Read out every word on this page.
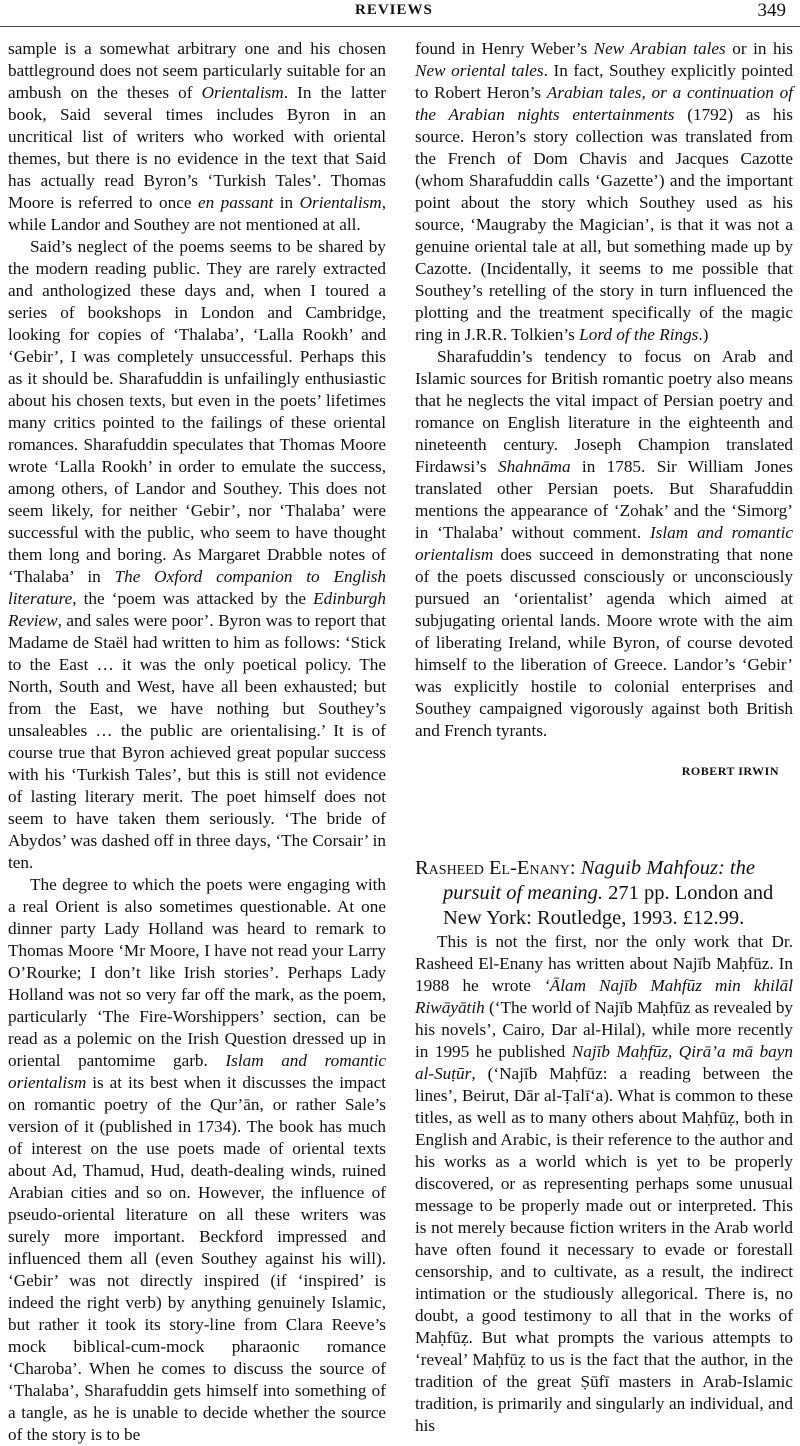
REVIEWS	349

sample is a somewhat arbitrary one and his chosen battleground does not seem particularly suitable for an ambush on the theses of Orientalism. In the latter book, Said several times includes Byron in an uncritical list of writers who worked with oriental themes, but there is no evidence in the text that Said has actually read Byron’s ‘Turkish Tales’. Thomas Moore is referred to once en passant in Orientalism, while Landor and Southey are not mentioned at all.

Said’s neglect of the poems seems to be shared by the modern reading public. They are rarely extracted and anthologized these days and, when I toured a series of bookshops in London and Cambridge, looking for copies of ‘Thalaba’, ‘Lalla Rookh’ and ‘Gebir’, I was completely unsuccessful. Perhaps this as it should be. Sharafuddin is unfailingly enthusiastic about his chosen texts, but even in the poets’ lifetimes many critics pointed to the failings of these oriental romances. Sharafuddin speculates that Thomas Moore wrote ‘Lalla Rookh’ in order to emulate the success, among others, of Landor and Southey. This does not seem likely, for neither ‘Gebir’, nor ‘Thalaba’ were successful with the public, who seem to have thought them long and boring. As Margaret Drabble notes of ‘Thalaba’ in The Oxford companion to English literature, the ‘poem was attacked by the Edinburgh Review, and sales were poor’. Byron was to report that Madame de Staël had written to him as follows: ‘Stick to the East … it was the only poetical policy. The North, South and West, have all been exhausted; but from the East, we have nothing but Southey’s unsaleables … the public are orientalising.’ It is of course true that Byron achieved great popular success with his ‘Turkish Tales’, but this is still not evidence of lasting literary merit. The poet himself does not seem to have taken them seriously. ‘The bride of Abydos’ was dashed off in three days, ‘The Corsair’ in ten.

The degree to which the poets were engaging with a real Orient is also sometimes questionable. At one dinner party Lady Holland was heard to remark to Thomas Moore ‘Mr Moore, I have not read your Larry O’Rourke; I don’t like Irish stories’. Perhaps Lady Holland was not so very far off the mark, as the poem, particularly ‘The Fire-Worshippers’ section, can be read as a polemic on the Irish Question dressed up in oriental pantomime garb. Islam and romantic orientalism is at its best when it discusses the impact on romantic poetry of the Qur’ān, or rather Sale’s version of it (published in 1734). The book has much of interest on the use poets made of oriental texts about Ad, Thamud, Hud, death-dealing winds, ruined Arabian cities and so on. However, the influence of pseudo-oriental literature on all these writers was surely more important. Beckford impressed and influenced them all (even Southey against his will). ‘Gebir’ was not directly inspired (if ‘inspired’ is indeed the right verb) by anything genuinely Islamic, but rather it took its story-line from Clara Reeve’s mock biblical-cum-mock pharaonic romance ‘Charoba’. When he comes to discuss the source of ‘Thalaba’, Sharafuddin gets himself into something of a tangle, as he is unable to decide whether the source of the story is to be

found in Henry Weber’s New Arabian tales or in his New oriental tales. In fact, Southey explicitly pointed to Robert Heron’s Arabian tales, or a continuation of the Arabian nights entertainments (1792) as his source. Heron’s story collection was translated from the French of Dom Chavis and Jacques Cazotte (whom Sharafuddin calls ‘Gazette’) and the important point about the story which Southey used as his source, ‘Maugraby the Magician’, is that it was not a genuine oriental tale at all, but something made up by Cazotte. (Incidentally, it seems to me possible that Southey’s retelling of the story in turn influenced the plotting and the treatment specifically of the magic ring in J.R.R. Tolkien’s Lord of the Rings.)

Sharafuddin’s tendency to focus on Arab and Islamic sources for British romantic poetry also means that he neglects the vital impact of Persian poetry and romance on English literature in the eighteenth and nineteenth century. Joseph Champion translated Firdawsi’s Shahnāma in 1785. Sir William Jones translated other Persian poets. But Sharafuddin mentions the appearance of ‘Zohak’ and the ‘Simorg’ in ‘Thalaba’ without comment. Islam and romantic orientalism does succeed in demonstrating that none of the poets discussed consciously or unconsciously pursued an ‘orientalist’ agenda which aimed at subjugating oriental lands. Moore wrote with the aim of liberating Ireland, while Byron, of course devoted himself to the liberation of Greece. Landor’s ‘Gebir’ was explicitly hostile to colonial enterprises and Southey campaigned vigorously against both British and French tyrants.

ROBERT IRWIN
Rasheed El-Enany: Naguib Mahfouz: the pursuit of meaning. 271 pp. London and New York: Routledge, 1993. £12.99.

This is not the first, nor the only work that Dr. Rasheed El-Enany has written about Najīb Maḥfūz. In 1988 he wrote ‘Ālam Najīb Mahfūz min khilāl Riwāyātih (‘The world of Najīb Maḥfūz as revealed by his novels’, Cairo, Dar al-Hilal), while more recently in 1995 he published Najīb Maḥfūz, Qirā’a mā bayn al-Suṭūr, (‘Najīb Maḥfūz: a reading between the lines’, Beirut, Dār al-Ṭalī‘a). What is common to these titles, as well as to many others about Maḥfūẓ, both in English and Arabic, is their reference to the author and his works as a world which is yet to be properly discovered, or as representing perhaps some unusual message to be properly made out or interpreted. This is not merely because fiction writers in the Arab world have often found it necessary to evade or forestall censorship, and to cultivate, as a result, the indirect intimation or the studiously allegorical. There is, no doubt, a good testimony to all that in the works of Maḥfūẓ. But what prompts the various attempts to ‘reveal’ Maḥfūẓ to us is the fact that the author, in the tradition of the great Ṣūfī masters in Arab-Islamic tradition, is primarily and singularly an individual, and his
